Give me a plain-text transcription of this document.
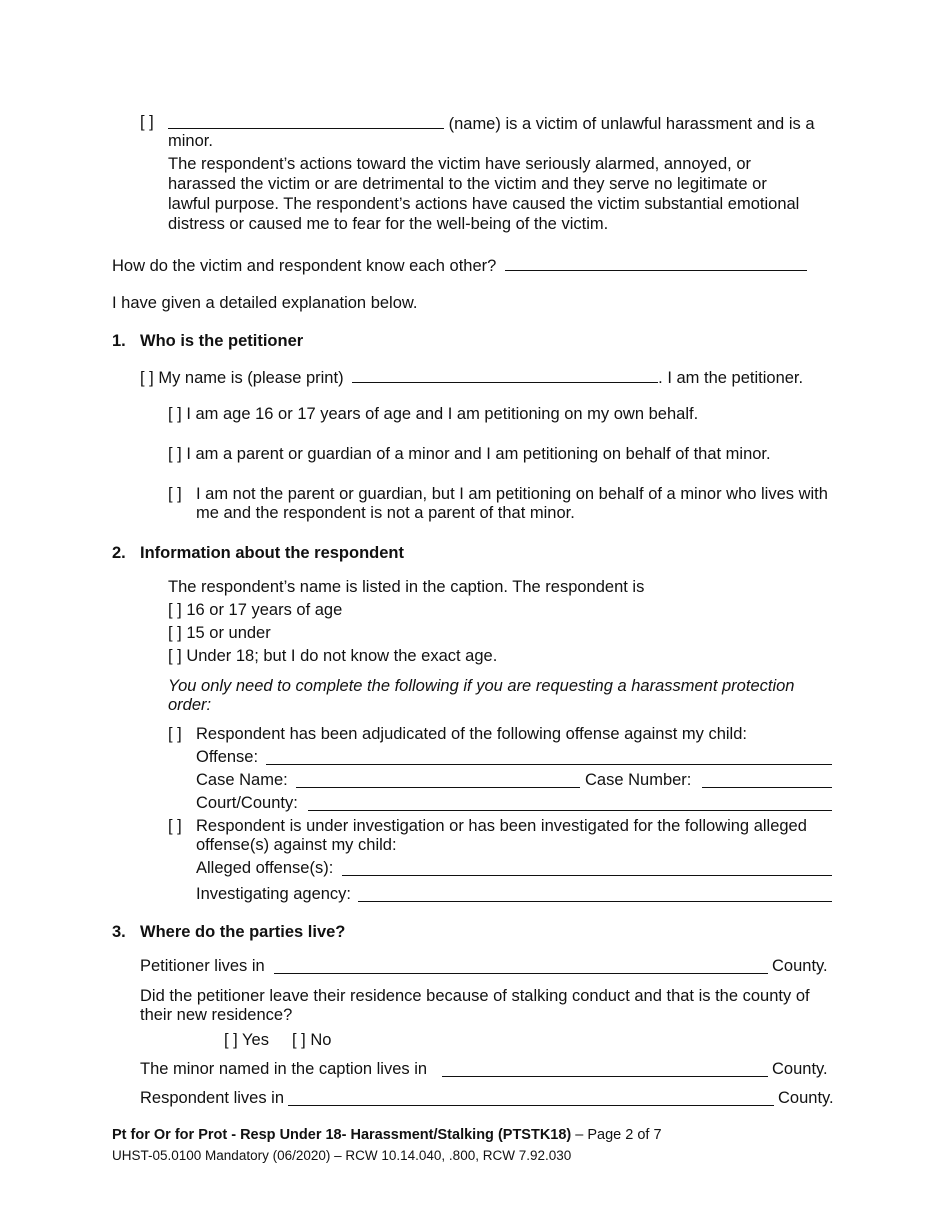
[ ]	(name) is a victim of unlawful harassment and is a
minor.
The respondent’s actions toward the victim have seriously alarmed, annoyed, or
harassed the victim or are detrimental to the victim and they serve no legitimate or
lawful purpose. The respondent’s actions have caused the victim substantial emotional
distress or caused me to fear for the well-being of the victim.
How do the victim and respondent know each other?
I have given a detailed explanation below.
1. Who is the petitioner
[ ] My name is (please print)	. I am the petitioner.
[ ] I am age 16 or 17 years of age and I am petitioning on my own behalf.
[ ] I am a parent or guardian of a minor and I am petitioning on behalf of that minor.
[ ] I am not the parent or guardian, but I am petitioning on behalf of a minor who lives with
me and the respondent is not a parent of that minor.
2. Information about the respondent
The respondent’s name is listed in the caption. The respondent is
[ ] 16 or 17 years of age
[ ] 15 or under
[ ] Under 18; but I do not know the exact age.
You only need to complete the following if you are requesting a harassment protection
order:
[ ] Respondent has been adjudicated of the following offense against my child:
Offense:
Case Name:	Case Number:
Court/County:
[ ] Respondent is under investigation or has been investigated for the following alleged
offense(s) against my child:
Alleged offense(s):
Investigating agency:
3. Where do the parties live?
Petitioner lives in	County.
Did the petitioner leave their residence because of stalking conduct and that is the county of
their new residence?
[ ] Yes [ ] No
The minor named in the caption lives in	County.
Respondent lives in	County.
Pt for Or for Prot - Resp Under 18- Harassment/Stalking (PTSTK18) – Page 2 of 7
UHST-05.0100 Mandatory (06/2020) – RCW 10.14.040, .800, RCW 7.92.030
